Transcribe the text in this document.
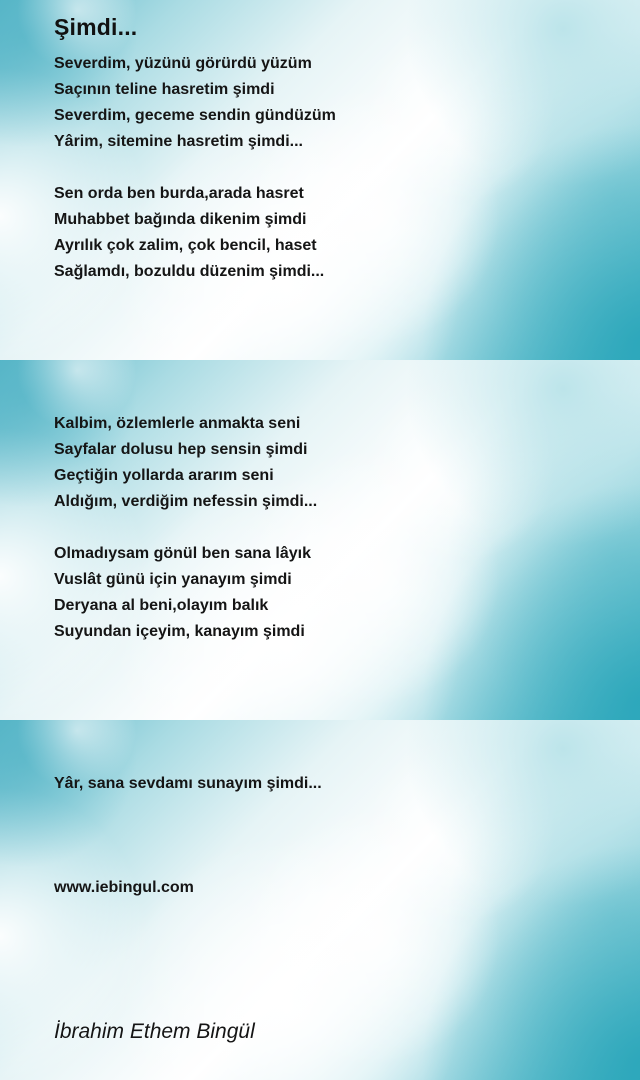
Şimdi...
Severdim, yüzünü görürdü yüzüm
Saçının teline hasretim şimdi
Severdim, geceme sendin gündüzüm
Yârim, sitemine hasretim şimdi...
Sen orda ben burda,arada hasret
Muhabbet bağında dikenim şimdi
Ayrılık çok zalim, çok bencil, haset
Sağlamdı, bozuldu düzenim şimdi...
Kalbim, özlemlerle anmakta seni
Sayfalar dolusu hep sensin şimdi
Geçtiğin yollarda ararım seni
Aldığım, verdiğim nefessin şimdi...
Olmadıysam gönül ben sana lâyık
Vuslât günü için yanayım şimdi
Deryana al beni,olayım balık
Suyundan içeyim, kanayım şimdi
Yâr, sana sevdamı sunayım şimdi...
www.iebingul.com
İbrahim Ethem Bingül
